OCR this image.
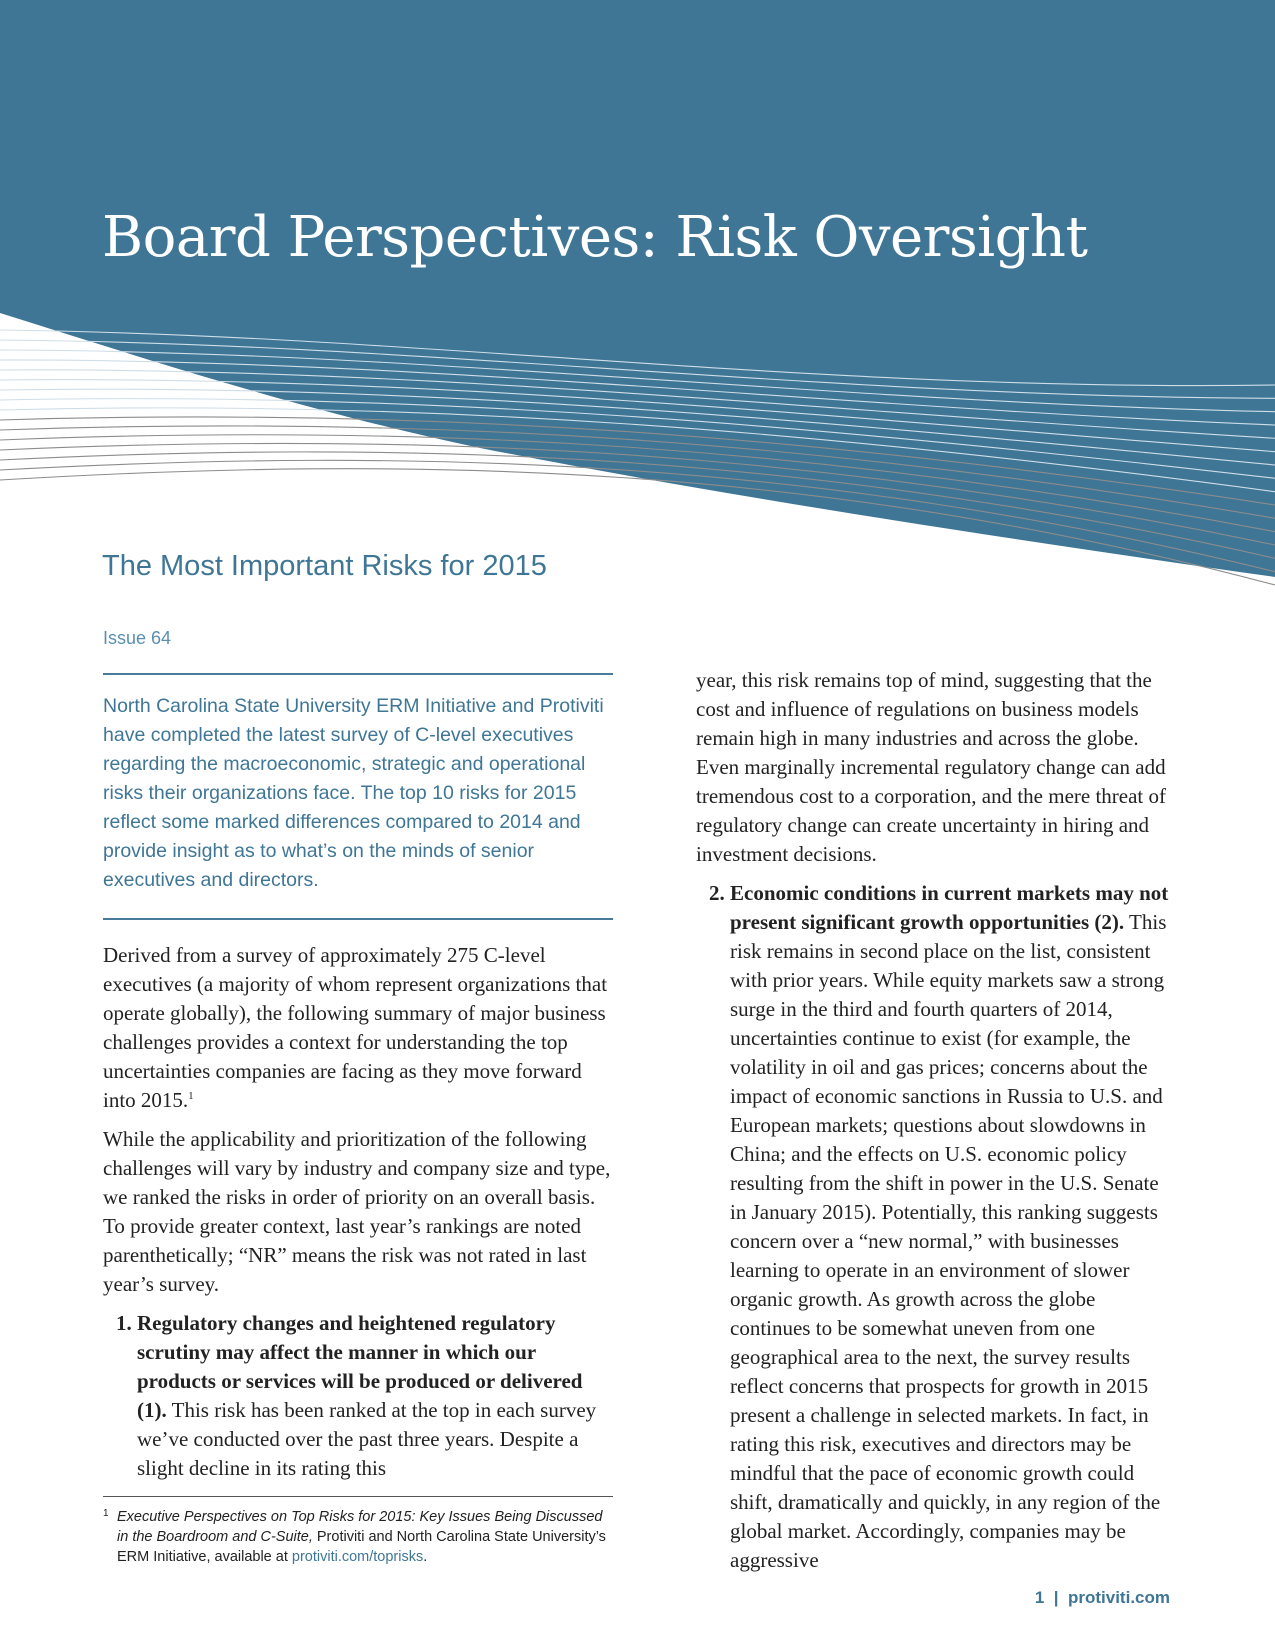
Board Perspectives: Risk Oversight
The Most Important Risks for 2015
Issue 64

North Carolina State University ERM Initiative and Protiviti have completed the latest survey of C-level executives regarding the macroeconomic, strategic and operational risks their organizations face. The top 10 risks for 2015 reflect some marked differences compared to 2014 and provide insight as to what’s on the minds of senior executives and directors.

Derived from a survey of approximately 275 C-level executives (a majority of whom represent organizations that operate globally), the following summary of major business challenges provides a context for understanding the top uncertainties companies are facing as they move forward into 2015.$^1$

While the applicability and prioritization of the following challenges will vary by industry and company size and type, we ranked the risks in order of priority on an overall basis. To provide greater context, last year’s rankings are noted parenthetically; “NR” means the risk was not rated in last year’s survey.

1. Regulatory changes and heightened regulatory scrutiny may affect the manner in which our products or services will be produced or delivered (1). This risk has been ranked at the top in each survey we’ve conducted over the past three years. Despite a slight decline in its rating this
1 Executive Perspectives on Top Risks for 2015: Key Issues Being Discussed in the Boardroom and C-Suite, Protiviti and North Carolina State University’s ERM Initiative, available at protiviti.com/toprisks.

year, this risk remains top of mind, suggesting that the cost and influence of regulations on business models remain high in many industries and across the globe. Even marginally incremental regulatory change can add tremendous cost to a corporation, and the mere threat of regulatory change can create uncertainty in hiring and investment decisions.

2. Economic conditions in current markets may not present significant growth opportunities (2). This risk remains in second place on the list, consistent with prior years. While equity markets saw a strong surge in the third and fourth quarters of 2014, uncertainties continue to exist (for example, the volatility in oil and gas prices; concerns about the impact of economic sanctions in Russia to U.S. and European markets; questions about slowdowns in China; and the effects on U.S. economic policy resulting from the shift in power in the U.S. Senate in January 2015). Potentially, this ranking suggests concern over a “new normal,” with businesses learning to operate in an environment of slower organic growth. As growth across the globe continues to be somewhat uneven from one geographical area to the next, the survey results reflect concerns that prospects for growth in 2015 present a challenge in selected markets. In fact, in rating this risk, executives and directors may be mindful that the pace of economic growth could shift, dramatically and quickly, in any region of the global market. Accordingly, companies may be aggressive
1 | protiviti.com
